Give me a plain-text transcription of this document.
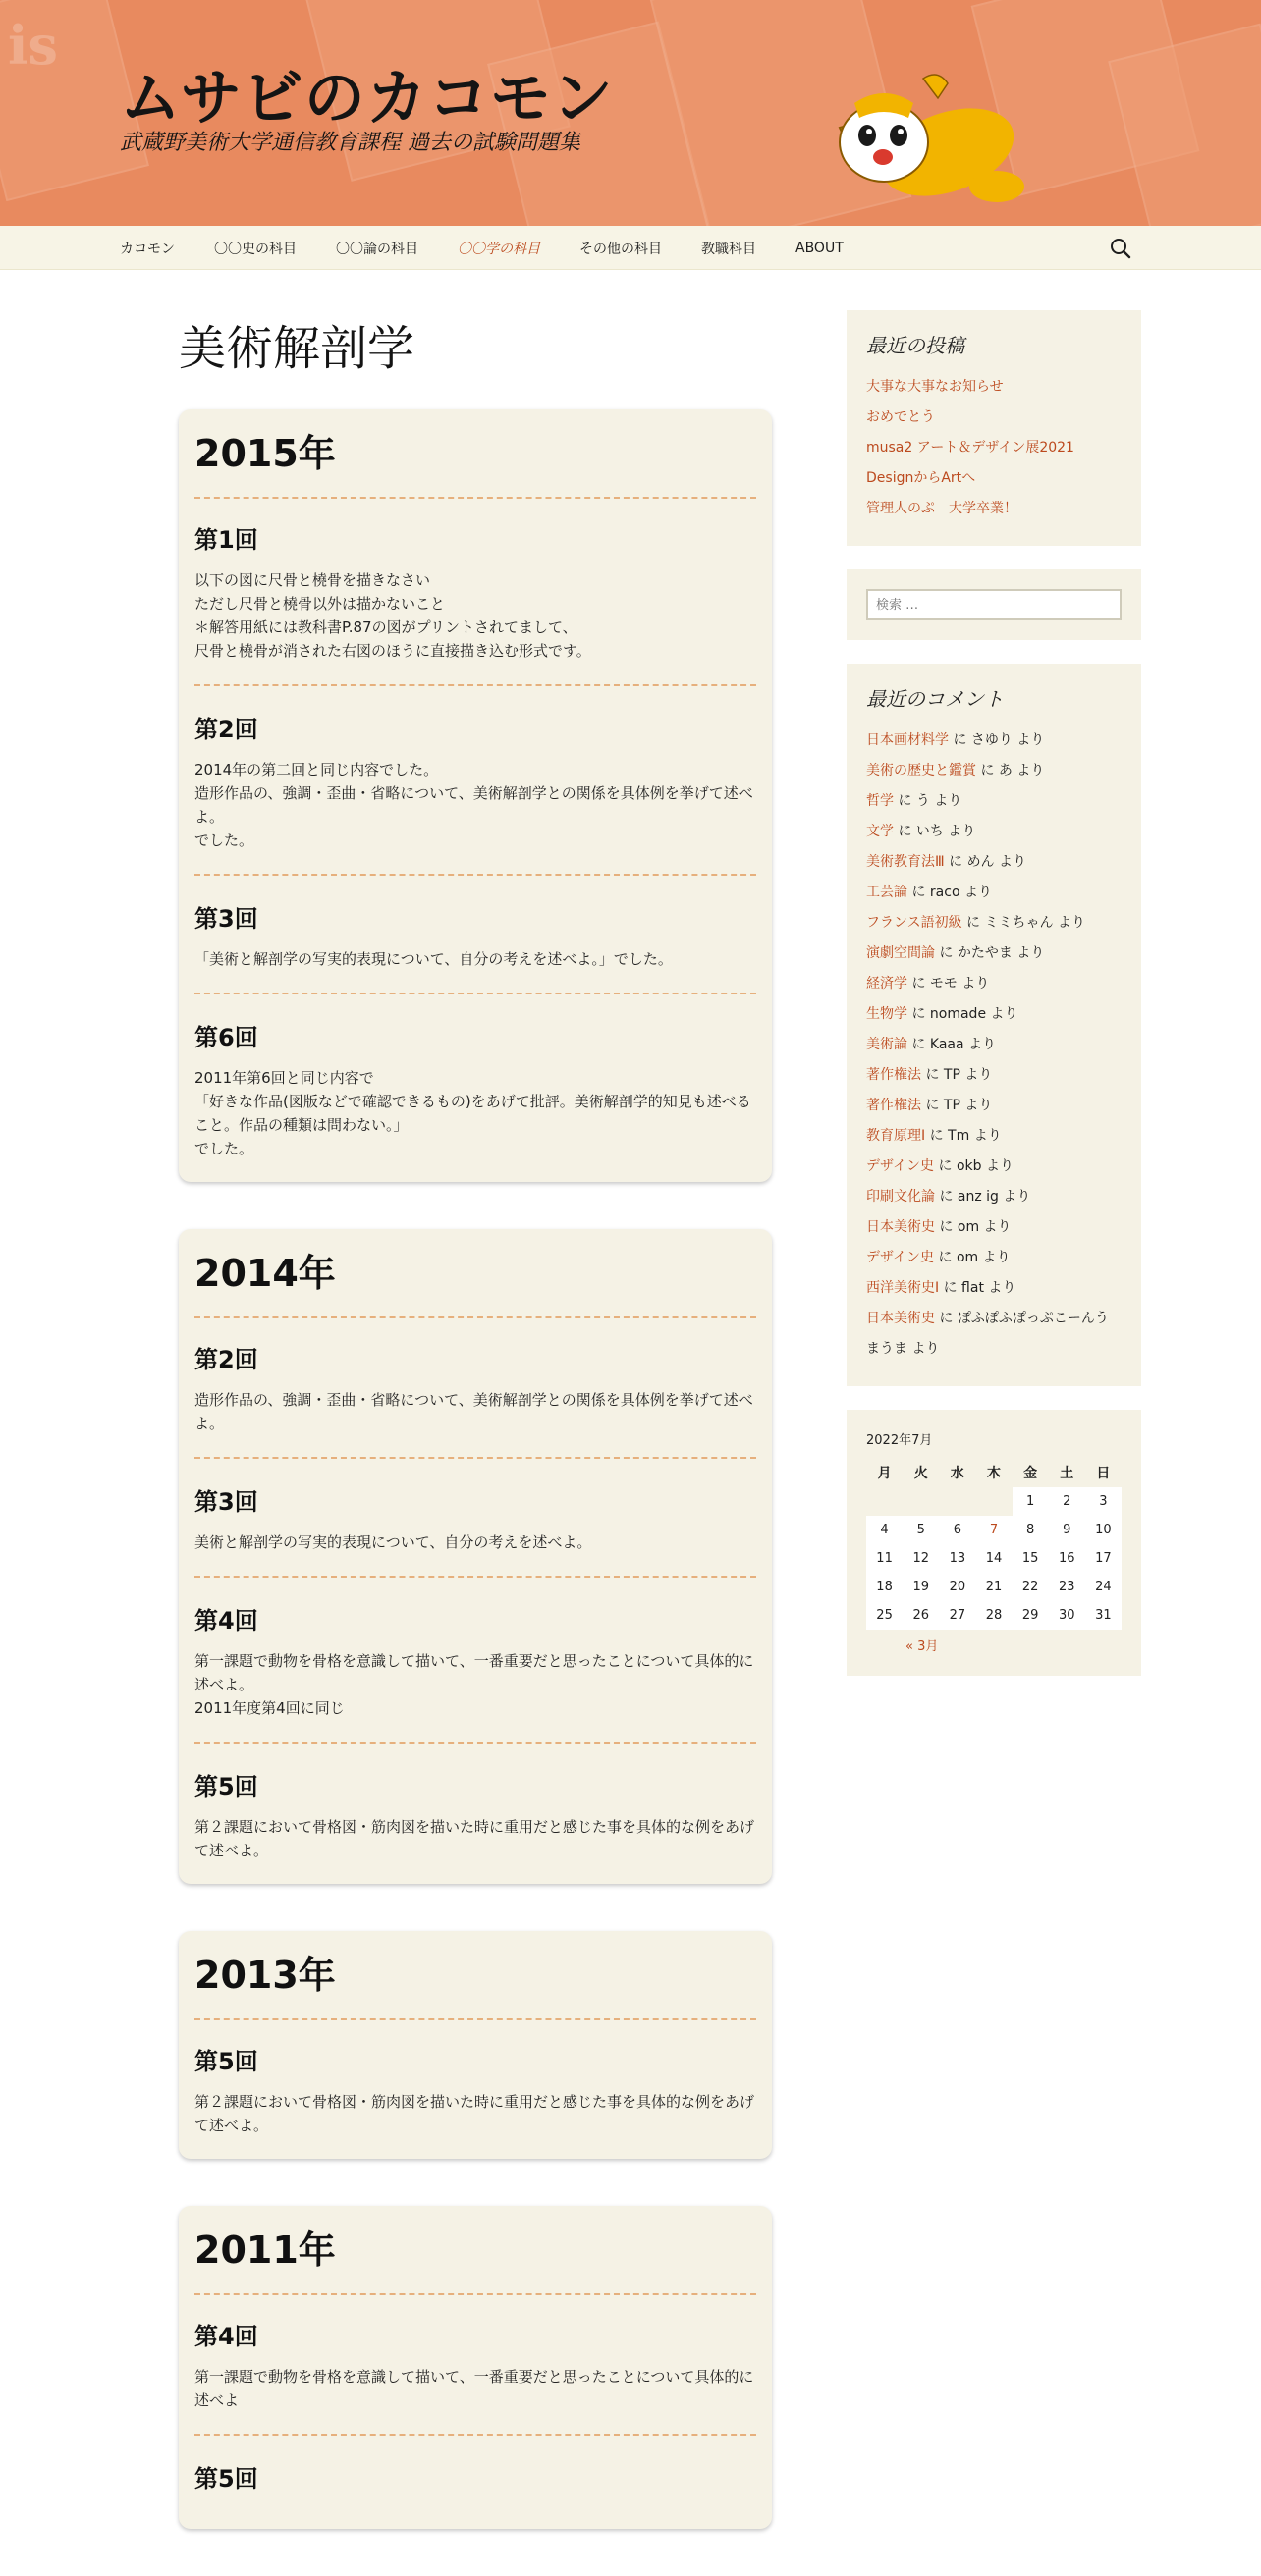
is
ムサビのカコモン
武蔵野美術大学通信教育課程 過去の試験問題集
カコモン	〇〇史の科目	〇〇論の科目	〇〇学の科目	その他の科目	教職科目	ABOUT
美術解剖学
2015年
第1回

以下の図に尺骨と橈骨を描きなさい

ただし尺骨と橈骨以外は描かないこと

＊解答用紙には教科書P.87の図がプリントされてまして、

尺骨と橈骨が消された右図のほうに直接描き込む形式です。

第2回

2014年の第二回と同じ内容でした。

造形作品の、強調・歪曲・省略について、美術解剖学との関係を具体例を挙げて述べよ。

でした。

第3回

「美術と解剖学の写実的表現について、自分の考えを述べよ。」でした。

第6回

2011年第6回と同じ内容で

「好きな作品(図版などで確認できるもの)をあげて批評。美術解剖学的知見も述べること。作品の種類は問わない。」

でした。

2014年
第2回

造形作品の、強調・歪曲・省略について、美術解剖学との関係を具体例を挙げて述べよ。

第3回

美術と解剖学の写実的表現について、自分の考えを述べよ。

第4回

第一課題で動物を骨格を意識して描いて、一番重要だと思ったことについて具体的に述べよ。

2011年度第4回に同じ

第5回

第２課題において骨格図・筋肉図を描いた時に重用だと感じた事を具体的な例をあげて述べよ。

2013年
第5回

第２課題において骨格図・筋肉図を描いた時に重用だと感じた事を具体的な例をあげて述べよ。

2011年
第4回

第一課題で動物を骨格を意識して描いて、一番重要だと思ったことについて具体的に述べよ

第5回
最近の投稿
大事な大事なお知らせ
おめでとう
musa2 アート＆デザイン展2021
DesignからArtへ
管理人のぷ　大学卒業！
検索 …
最近のコメント
日本画材料学 に さゆり より
美術の歴史と鑑賞 に あ より
哲学 に う より
文学 に いち より
美術教育法Ⅲ に めん より
工芸論 に raco より
フランス語初級 に ミミちゃん より
演劇空間論 に かたやま より
経済学 に モモ より
生物学 に nomade より
美術論 に Kaaa より
著作権法 に TP より
著作権法 に TP より
教育原理Ⅰ に Tm より
デザイン史 に okb より
印刷文化論 に anz ig より
日本美術史 に om より
デザイン史 に om より
西洋美術史Ⅰ に flat より
日本美術史 に ぽふぽふぽっぷこーんうまうま より
2022年7月
月	火	水	木	金	土	日
				1	2	3
4	5	6	7	8	9	10
11	12	13	14	15	16	17
18	19	20	21	22	23	24
25	26	27	28	29	30	31
« 3月
